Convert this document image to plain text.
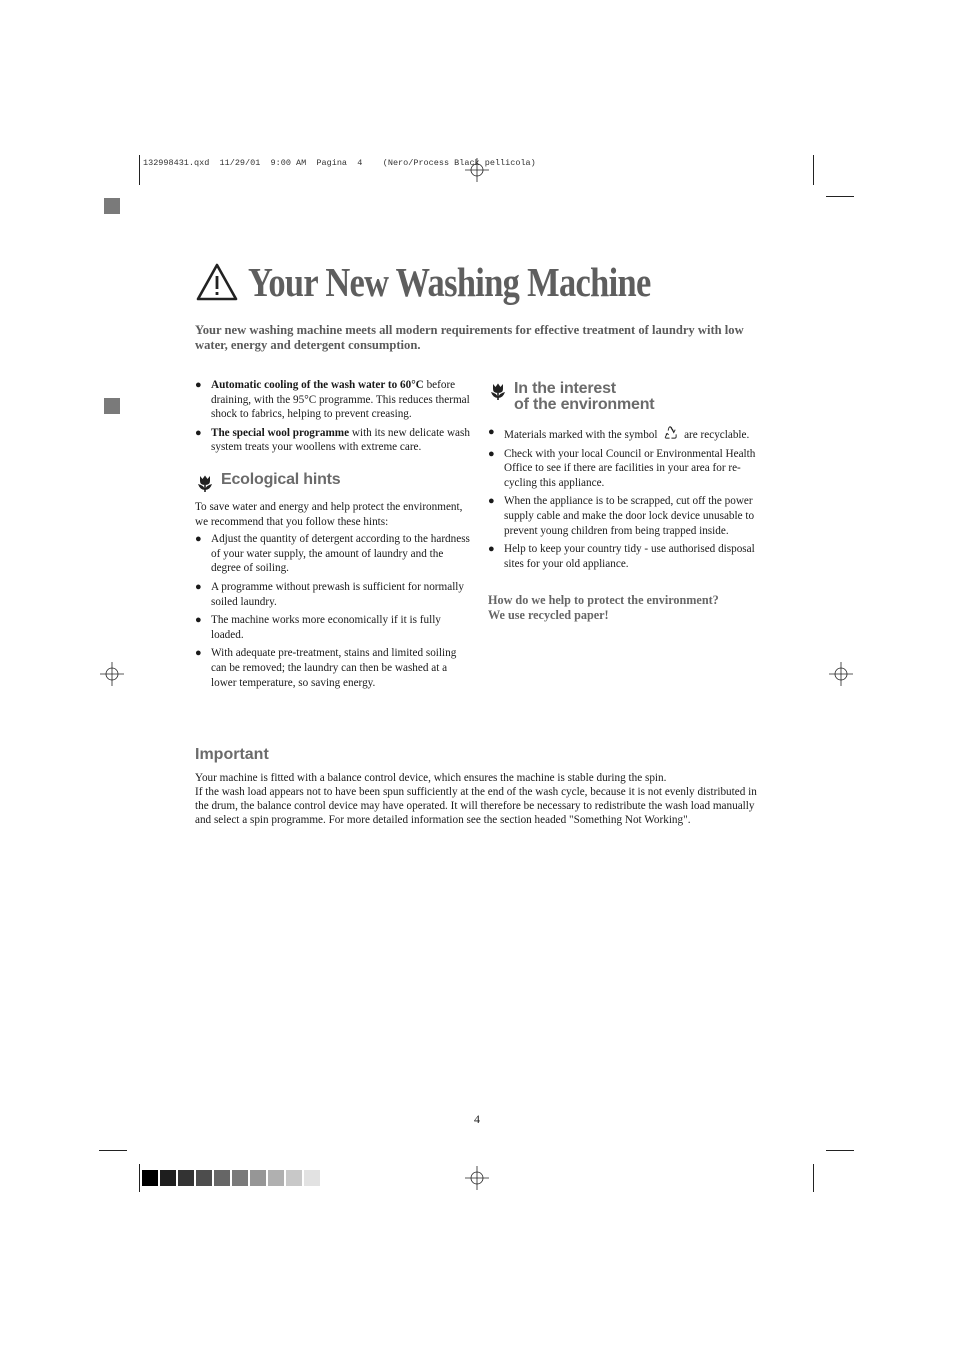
132998431.qxd  11/29/01  9:00 AM  Pagina  4    (Nero/Process Black pellicola)
Your New Washing Machine
Your new washing machine meets all modern requirements for effective treatment of laundry with low water, energy and detergent consumption.
● Automatic cooling of the wash water to 60°C before draining, with the 95°C programme. This reduces thermal shock to fabrics, helping to prevent creasing.
● The special wool programme with its new delicate wash system treats your woollens with extreme care.
Ecological hints

To save water and energy and help protect the environment, we recommend that you follow these hints:

● Adjust the quantity of detergent according to the hardness of your water supply, the amount of laundry and the degree of soiling.
● A programme without prewash is sufficient for normally soiled laundry.
● The machine works more economically if it is fully loaded.
● With adequate pre-treatment, stains and limited soiling can be removed; the laundry can then be washed at a lower temperature, so saving energy.
In the interest
of the environment
● Materials marked with the symbol are recyclable.
● Check with your local Council or Environmental Health Office to see if there are facilities in your area for re-cycling this appliance.
● When the appliance is to be scrapped, cut off the power supply cable and make the door lock device unusable to prevent young children from being trapped inside.
● Help to keep your country tidy - use authorised disposal sites for your old appliance.
How do we help to protect the environment?
We use recycled paper!
Important
Your machine is fitted with a balance control device, which ensures the machine is stable during the spin.
If the wash load appears not to have been spun sufficiently at the end of the wash cycle, because it is not evenly distributed in the drum, the balance control device may have operated. It will therefore be necessary to redistribute the wash load manually and select a spin programme. For more detailed information see the section headed "Something Not Working".
4
